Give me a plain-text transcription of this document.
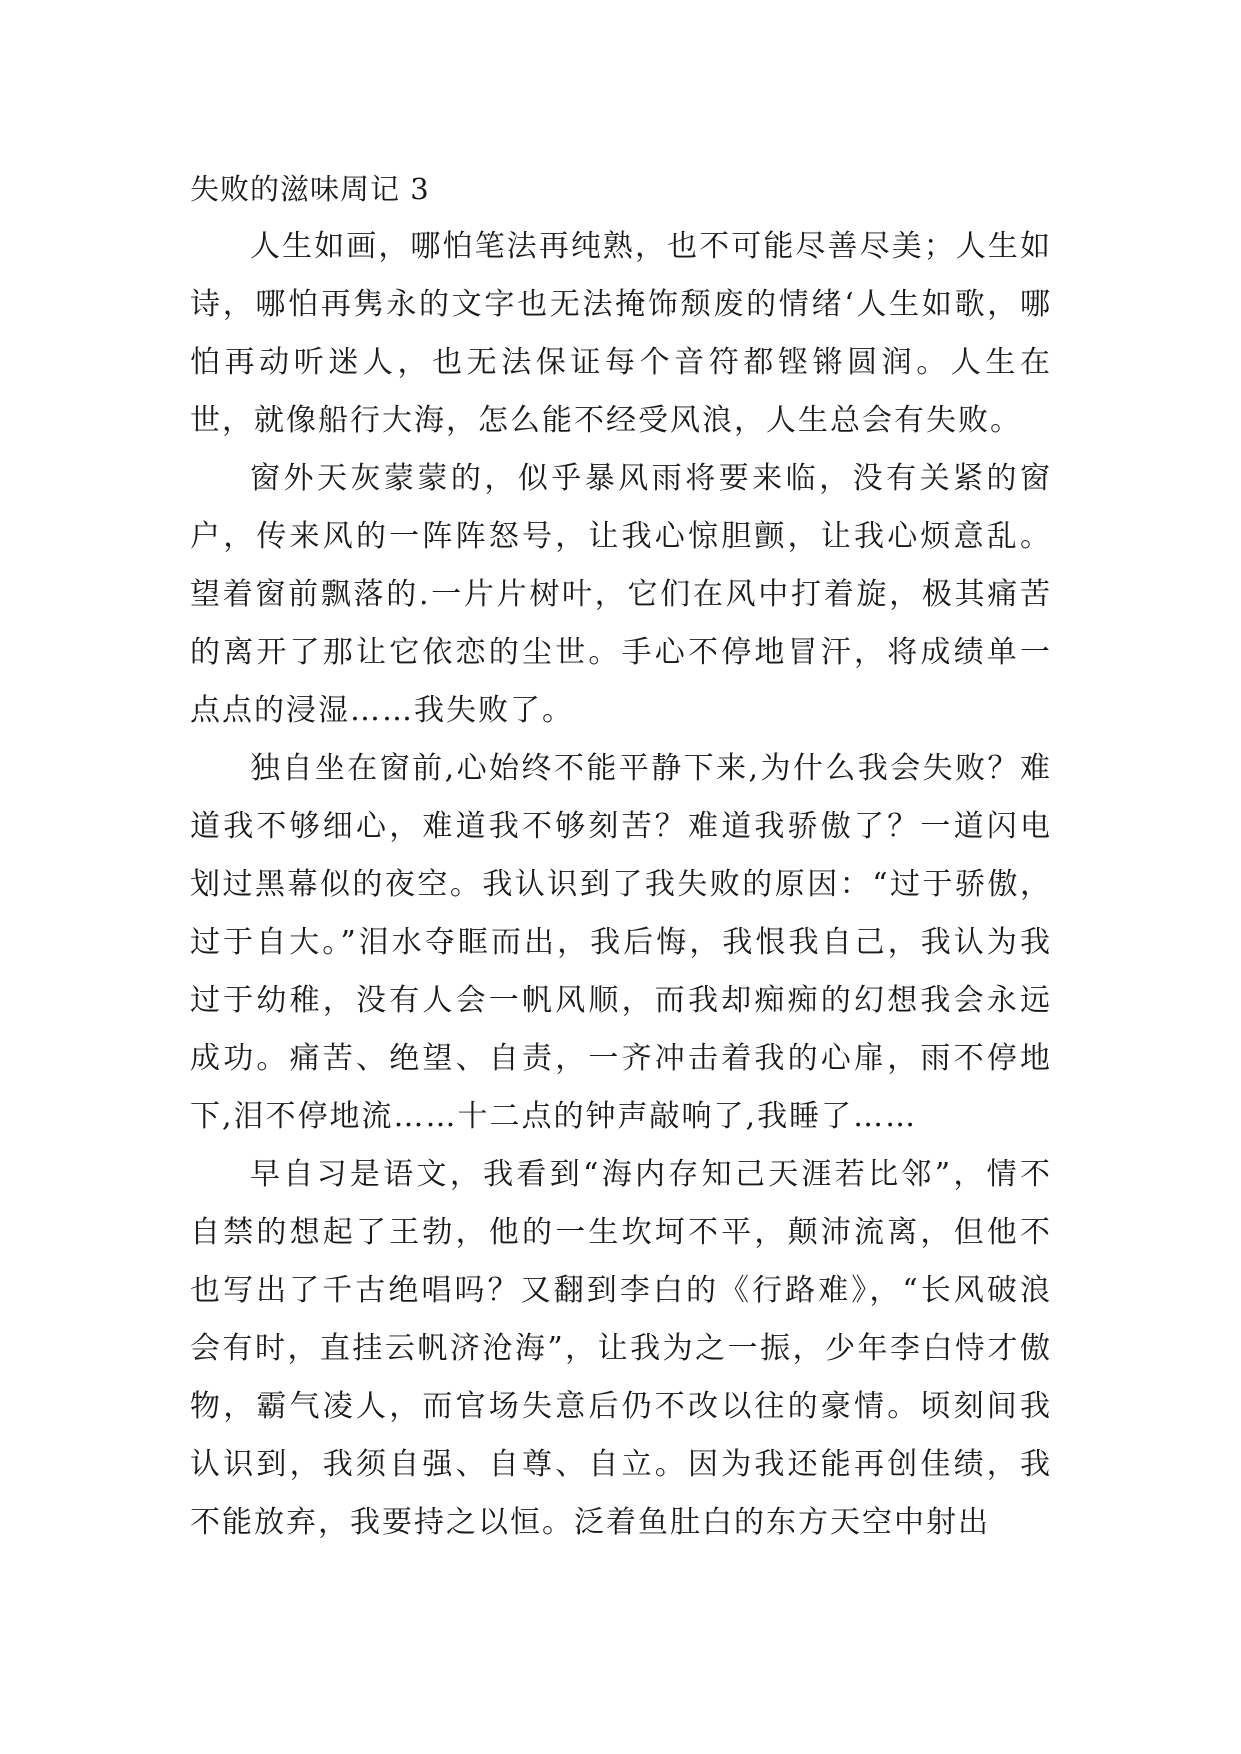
失败的滋味周记 3

人生如画，哪怕笔法再纯熟，也不可能尽善尽美；人生如诗，哪怕再隽永的文字也无法掩饰颓废的情绪‘人生如歌，哪怕再动听迷人，也无法保证每个音符都铿锵圆润。人生在世，就像船行大海，怎么能不经受风浪，人生总会有失败。

窗外天灰蒙蒙的，似乎暴风雨将要来临，没有关紧的窗户，传来风的一阵阵怒号，让我心惊胆颤，让我心烦意乱。望着窗前飘落的.一片片树叶，它们在风中打着旋，极其痛苦的离开了那让它依恋的尘世。手心不停地冒汗，将成绩单一点点的浸湿……我失败了。

独自坐在窗前,心始终不能平静下来,为什么我会失败？难道我不够细心，难道我不够刻苦？难道我骄傲了？一道闪电划过黑幕似的夜空。我认识到了我失败的原因：“过于骄傲，过于自大。”泪水夺眶而出，我后悔，我恨我自己，我认为我过于幼稚，没有人会一帆风顺，而我却痴痴的幻想我会永远成功。痛苦、绝望、自责，一齐冲击着我的心扉，雨不停地下,泪不停地流……十二点的钟声敲响了,我睡了……

早自习是语文，我看到“海内存知己天涯若比邻”，情不自禁的想起了王勃，他的一生坎坷不平，颠沛流离，但他不也写出了千古绝唱吗？又翻到李白的《行路难》，“长风破浪会有时，直挂云帆济沧海”，让我为之一振，少年李白恃才傲物，霸气凌人，而官场失意后仍不改以往的豪情。顷刻间我认识到，我须自强、自尊、自立。因为我还能再创佳绩，我不能放弃，我要持之以恒。泛着鱼肚白的东方天空中射出
